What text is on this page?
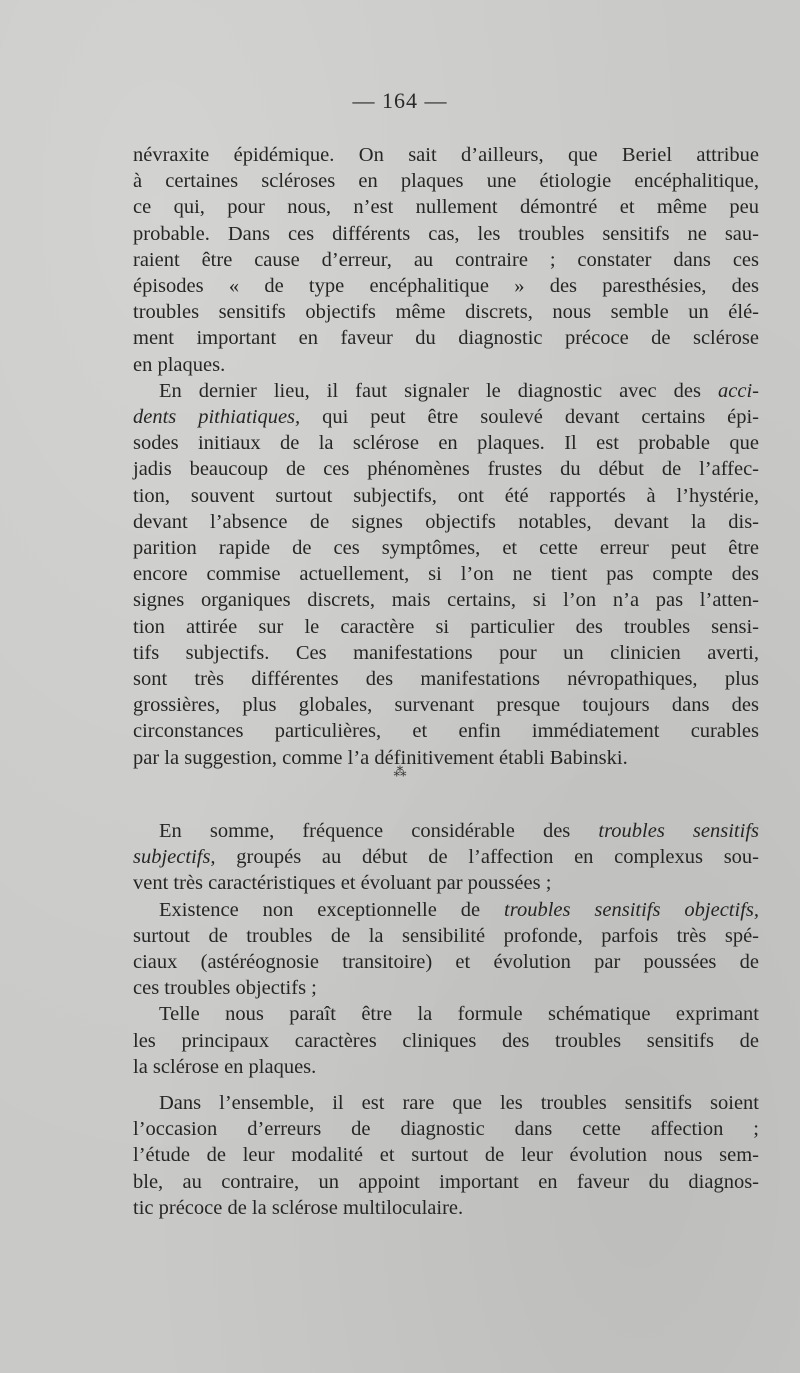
— 164 —
névraxite épidémique. On sait d’ailleurs, que Beriel attribue
à certaines scléroses en plaques une étiologie encéphalitique,
ce qui, pour nous, n’est nullement démontré et même peu
probable. Dans ces différents cas, les troubles sensitifs ne sau-
raient être cause d’erreur, au contraire ; constater dans ces
épisodes « de type encéphalitique » des paresthésies, des
troubles sensitifs objectifs même discrets, nous semble un élé-
ment important en faveur du diagnostic précoce de sclérose
en plaques.
En dernier lieu, il faut signaler le diagnostic avec des acci-
dents pithiatiques, qui peut être soulevé devant certains épi-
sodes initiaux de la sclérose en plaques. Il est probable que
jadis beaucoup de ces phénomènes frustes du début de l’affec-
tion, souvent surtout subjectifs, ont été rapportés à l’hystérie,
devant l’absence de signes objectifs notables, devant la dis-
parition rapide de ces symptômes, et cette erreur peut être
encore commise actuellement, si l’on ne tient pas compte des
signes organiques discrets, mais certains, si l’on n’a pas l’atten-
tion attirée sur le caractère si particulier des troubles sensi-
tifs subjectifs. Ces manifestations pour un clinicien averti,
sont très différentes des manifestations névropathiques, plus
grossières, plus globales, survenant presque toujours dans des
circonstances particulières, et enfin immédiatement curables
par la suggestion, comme l’a définitivement établi Babinski.
⁂
En somme, fréquence considérable des troubles sensitifs
subjectifs, groupés au début de l’affection en complexus sou-
vent très caractéristiques et évoluant par poussées ;
Existence non exceptionnelle de troubles sensitifs objectifs,
surtout de troubles de la sensibilité profonde, parfois très spé-
ciaux (astéréognosie transitoire) et évolution par poussées de
ces troubles objectifs ;
Telle nous paraît être la formule schématique exprimant
les principaux caractères cliniques des troubles sensitifs de
la sclérose en plaques.
Dans l’ensemble, il est rare que les troubles sensitifs soient
l’occasion d’erreurs de diagnostic dans cette affection ;
l’étude de leur modalité et surtout de leur évolution nous sem-
ble, au contraire, un appoint important en faveur du diagnos-
tic précoce de la sclérose multiloculaire.
